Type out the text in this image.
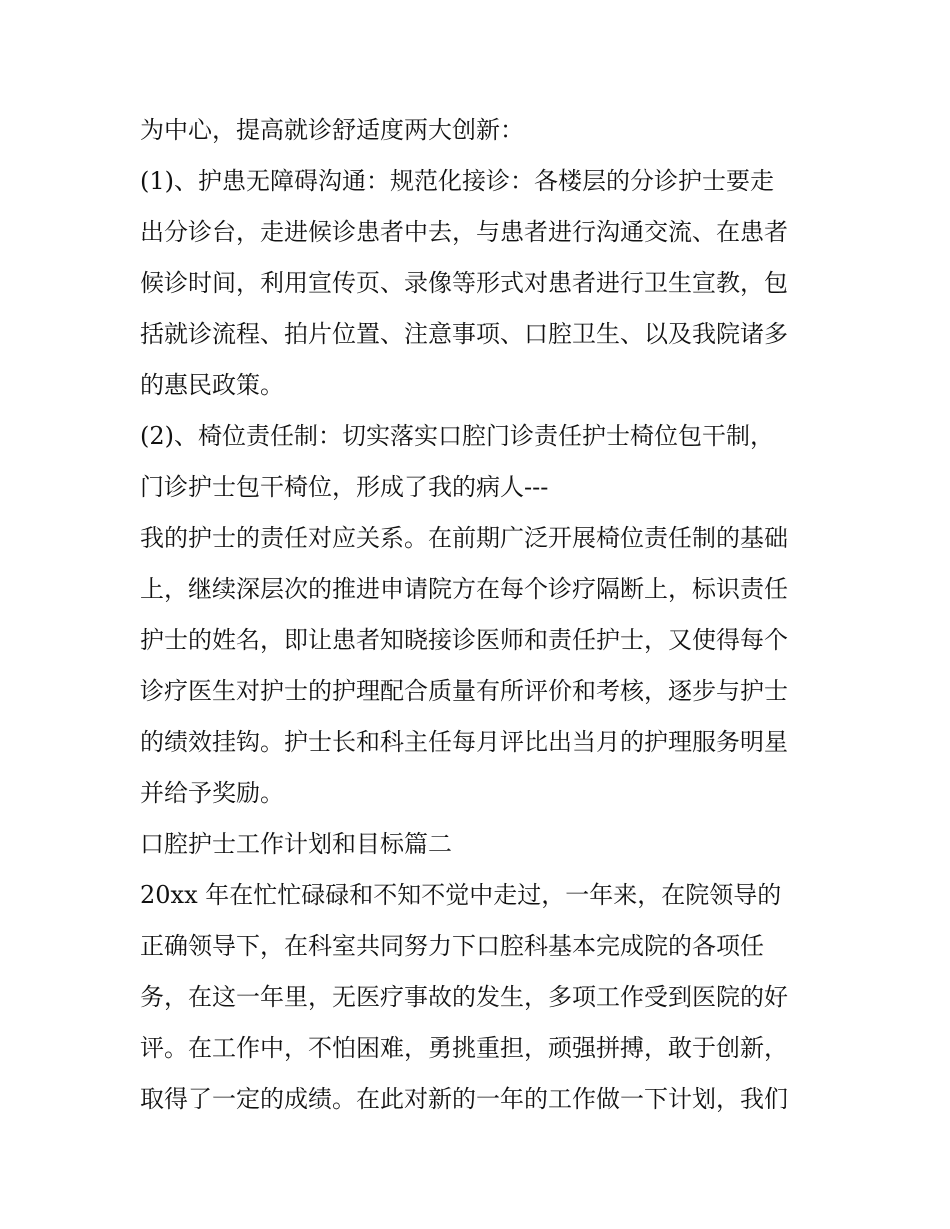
为中心，提高就诊舒适度两大创新：

(1)、护患无障碍沟通：规范化接诊：各楼层的分诊护士要走

出分诊台，走进候诊患者中去，与患者进行沟通交流、在患者

候诊时间，利用宣传页、录像等形式对患者进行卫生宣教，包

括就诊流程、拍片位置、注意事项、口腔卫生、以及我院诸多

的惠民政策。

(2)、椅位责任制：切实落实口腔门诊责任护士椅位包干制，

门诊护士包干椅位，形成了我的病人---

我的护士的责任对应关系。在前期广泛开展椅位责任制的基础

上，继续深层次的推进申请院方在每个诊疗隔断上，标识责任

护士的姓名，即让患者知晓接诊医师和责任护士，又使得每个

诊疗医生对护士的护理配合质量有所评价和考核，逐步与护士

的绩效挂钩。护士长和科主任每月评比出当月的护理服务明星

并给予奖励。

口腔护士工作计划和目标篇二

20xx 年在忙忙碌碌和不知不觉中走过，一年来，在院领导的

正确领导下，在科室共同努力下口腔科基本完成院的各项任

务，在这一年里，无医疗事故的发生，多项工作受到医院的好

评。在工作中，不怕困难，勇挑重担，顽强拼搏，敢于创新，

取得了一定的成绩。在此对新的一年的工作做一下计划，我们
